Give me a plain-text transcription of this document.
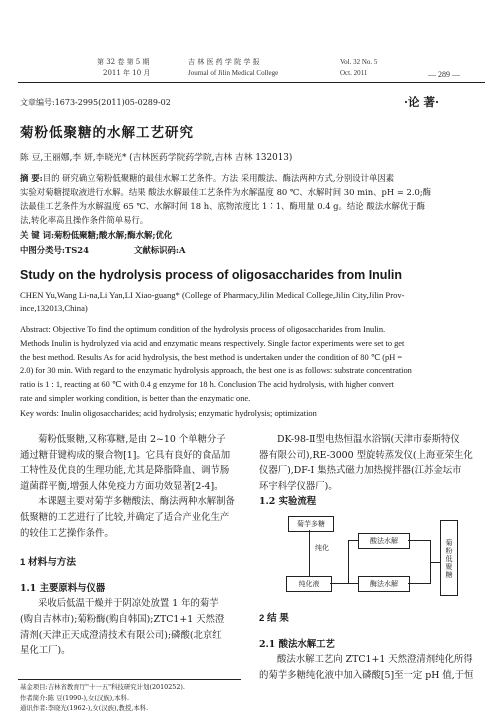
第 32 卷 第 5 期	吉 林 医 药 学 院 学 报	Vol. 32 No. 5
2011 年 10 月	Journal of Jilin Medical College	Oct. 2011	— 289 —
文章编号:1673-2995(2011)05-0289-02	·论 著·
菊粉低聚糖的水解工艺研究
陈 豆,王丽娜,李 妍,李晓光* (吉林医药学院药学院,吉林 吉林 132013)
摘 要:目的 研究确立菊粉低聚糖的最佳水解工艺条件。方法 采用酸法、酶法两种方式,分别设计单因素
实验对菊糖提取液进行水解。结果 酸法水解最佳工艺条件为水解温度 80 ℃、水解时间 30 min、pH = 2.0;酶
法最佳工艺条件为水解温度 65 ℃、水解时间 18 h、底物浓度比 1∶1、酶用量 0.4 g。结论 酸法水解优于酶
法,转化率高且操作条件简单易行。
关 键 词:菊粉低聚糖;酸水解;酶水解;优化
中图分类号:TS24	文献标识码:A
Study on the hydrolysis process of oligosaccharides from Inulin
CHEN Yu,Wang Li-na,Li Yan,LI Xiao-guang* (College of Pharmacy,Jilin Medical College,Jilin City,Jilin Prov-
ince,132013,China)
Abstract: Objective To find the optimum condition of the hydrolysis process of oligosaccharides from Inulin.
Methods Inulin is hydrolyzed via acid and enzymatic means respectively. Single factor experiments were set to get
the best method. Results As for acid hydrolysis, the best method is undertaken under the condition of 80 ℃ (pH =
2.0) for 30 min. With regard to the enzymatic hydrolysis approach, the best one is as follows: substrate concentration
ratio is 1 : 1, reacting at 60 ℃ with 0.4 g enzyme for 18 h. Conclusion The acid hydrolysis, with higher convert
rate and simpler working condition, is better than the enzymatic one.
Key words: Inulin oligosaccharides; acid hydrolysis; enzymatic hydrolysis; optimization
菊粉低聚糖,又称寡糖,是由 2~10 个单糖分子
通过糖苷键构成的聚合物[1]。它具有良好的食品加
工特性及优良的生理功能,尤其是降脂降血、调节肠
道菌群平衡,增强人体免疫力方面功效显著[2-4]。
本课题主要对菊芋多糖酸法、酶法两种水解制备
低聚糖的工艺进行了比较,并确定了适合产业化生产
的较佳工艺操作条件。
1 材料与方法
1.1 主要原料与仪器
采收后低温干燥并于阴凉处放置 1 年的菊芋
(购自吉林市);菊粉酶(购自韩国);ZTC1+1 天然澄
清剂(天津正天成澄清技术有限公司);磷酸(北京红
星化工厂)。
基金项目:吉林省教育厅"十一五"科技研究计划(2010252).
作者简介:陈 豆(1990-),女(汉族),本科.
通讯作者:李晓光(1962-),女(汉族),教授,本科.
DK-98-Ⅱ型电热恒温水浴锅(天津市泰斯特仪
器有限公司),RE-3000 型旋转蒸发仪(上海亚荣生化
仪器厂),DF-I 集热式磁力加热搅拌器(江苏金坛市
环宇科学仪器厂)。
1.2 实验流程
菊芋多糖
纯化
纯化液
酸法水解
酶法水解
菊粉低聚糖
2 结 果
2.1 酸法水解工艺
酸法水解工艺向 ZTC1+1 天然澄清剂纯化所得
的菊芋多糖纯化液中加入磷酸[5]至一定 pH 值,于恒
